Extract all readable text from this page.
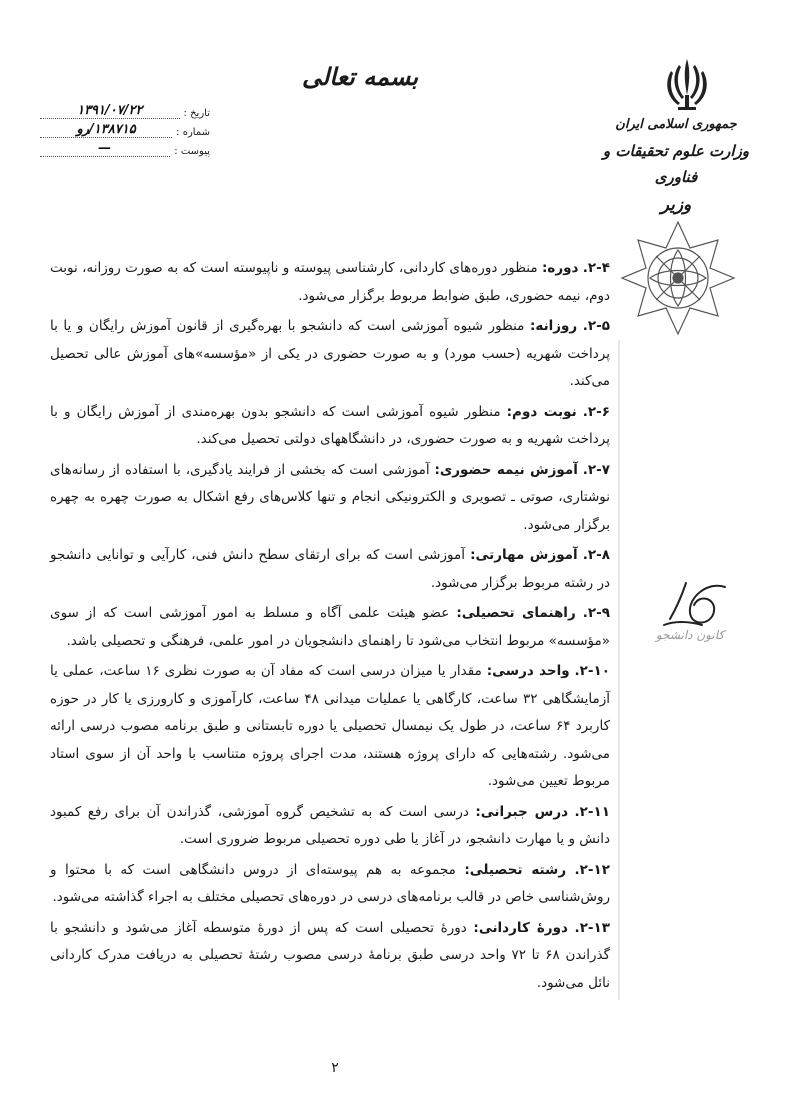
بسمه تعالی
جمهوری اسلامی ایران
وزارت علوم تحقیقات و فناوری
وزیر
تاریخ :
۱۳۹۱/۰۷/۲۲
شماره :
۱۳۸۷۱۵/رو
پیوست :
—
کانون دانشجو

۲-۴. دوره: منظور دوره‌های کاردانی، کارشناسی پیوسته و ناپیوسته است که به صورت روزانه، نوبت دوم، نیمه حضوری، طبق ضوابط مربوط برگزار می‌شود.

۲-۵. روزانه: منظور شیوه آموزشی است که دانشجو با بهره‌گیری از قانون آموزش رایگان و یا با پرداخت شهریه (حسب مورد) و به صورت حضوری در یکی از «مؤسسه»های آموزش عالی تحصیل می‌کند.

۲-۶. نوبت دوم: منظور شیوه آموزشی است که دانشجو بدون بهره‌مندی از آموزش رایگان و با پرداخت شهریه و به صورت حضوری، در دانشگاههای دولتی تحصیل می‌کند.

۲-۷. آموزش نیمه حضوری: آموزشی است که بخشی از فرایند یادگیری، با استفاده از رسانه‌های نوشتاری، صوتی ـ تصویری و الکترونیکی انجام و تنها کلاس‌های رفع اشکال به صورت چهره به چهره برگزار می‌شود.

۲-۸. آموزش مهارتی: آموزشی است که برای ارتقای سطح دانش فنی، کارآیی و توانایی دانشجو در رشته مربوط برگزار می‌شود.

۲-۹. راهنمای تحصیلی: عضو هیئت علمی آگاه و مسلط به امور آموزشی است که از سوی «مؤسسه» مربوط انتخاب می‌شود تا راهنمای دانشجویان در امور علمی، فرهنگی و تحصیلی باشد.

۲-۱۰. واحد درسی: مقدار یا میزان درسی است که مفاد آن به صورت نظری ۱۶ ساعت، عملی یا آزمایشگاهی ۳۲ ساعت، کارگاهی یا عملیات میدانی ۴۸ ساعت، کارآموزی و کارورزی یا کار در حوزه کاربرد ۶۴ ساعت، در طول یک نیمسال تحصیلی یا دوره تابستانی و طبق برنامه مصوب درسی ارائه می‌شود. رشته‌هایی که دارای پروژه هستند، مدت اجرای پروژه متناسب با واحد آن از سوی استاد مربوط تعیین می‌شود.

۲-۱۱. درس جبرانی: درسی است که به تشخیص گروه آموزشی، گذراندن آن برای رفع کمبود دانش و یا مهارت دانشجو، در آغاز یا طی دوره تحصیلی مربوط ضروری است.

۲-۱۲. رشته تحصیلی: مجموعه به هم پیوسته‌ای از دروس دانشگاهی است که با محتوا و روش‌شناسی خاص در قالب برنامه‌های درسی در دوره‌های تحصیلی مختلف به اجراء گذاشته می‌شود.

۲-۱۳. دورهٔ کاردانی: دورهٔ تحصیلی است که پس از دورهٔ متوسطه آغاز می‌شود و دانشجو با گذراندن ۶۸ تا ۷۲ واحد درسی طبق برنامهٔ درسی مصوب رشتهٔ تحصیلی به دریافت مدرک کاردانی نائل می‌شود.

۲
